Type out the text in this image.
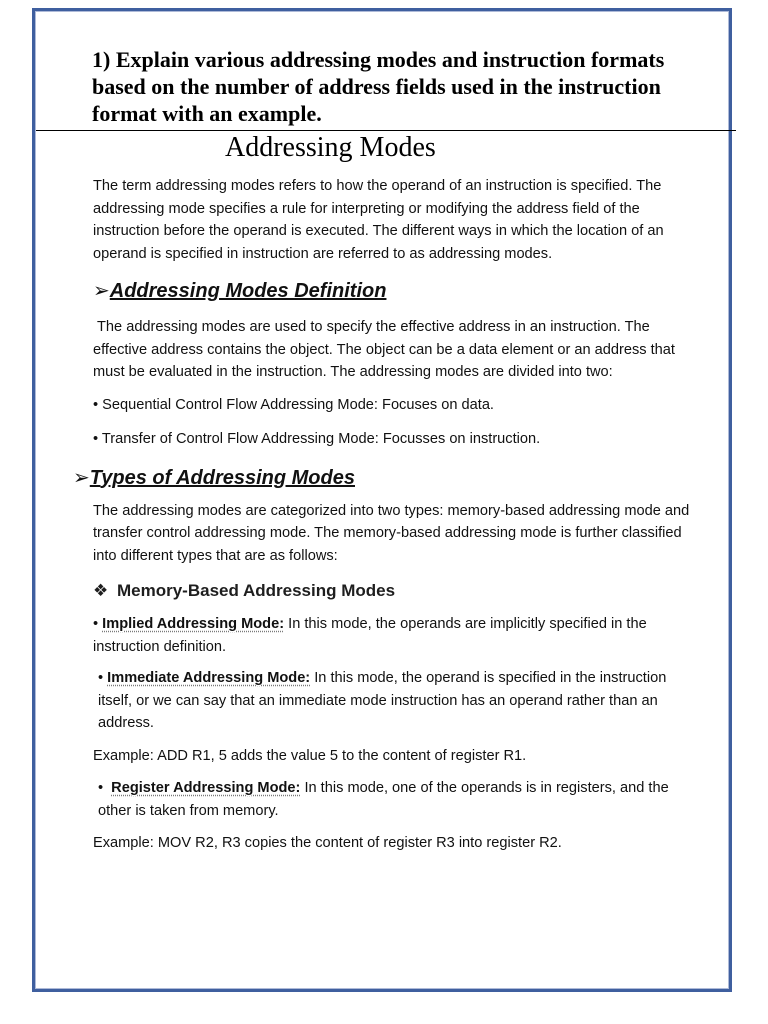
1) Explain various addressing modes and instruction formats based on the number of address fields used in the instruction format with an example.
Addressing Modes

The term addressing modes refers to how the operand of an instruction is specified. The addressing mode specifies a rule for interpreting or modifying the address field of the instruction before the operand is executed. The different ways in which the location of an operand is specified in instruction are referred to as addressing modes.

➢Addressing Modes Definition

The addressing modes are used to specify the effective address in an instruction. The effective address contains the object. The object can be a data element or an address that must be evaluated in the instruction. The addressing modes are divided into two:

• Sequential Control Flow Addressing Mode: Focuses on data.

• Transfer of Control Flow Addressing Mode: Focusses on instruction.

➢Types of Addressing Modes

The addressing modes are categorized into two types: memory-based addressing mode and transfer control addressing mode. The memory-based addressing mode is further classified into different types that are as follows:

❖ Memory-Based Addressing Modes

• Implied Addressing Mode: In this mode, the operands are implicitly specified in the instruction definition.

• Immediate Addressing Mode: In this mode, the operand is specified in the instruction itself, or we can say that an immediate mode instruction has an operand rather than an address.

Example: ADD R1, 5 adds the value 5 to the content of register R1.

• Register Addressing Mode: In this mode, one of the operands is in registers, and the other is taken from memory.

Example: MOV R2, R3 copies the content of register R3 into register R2.
